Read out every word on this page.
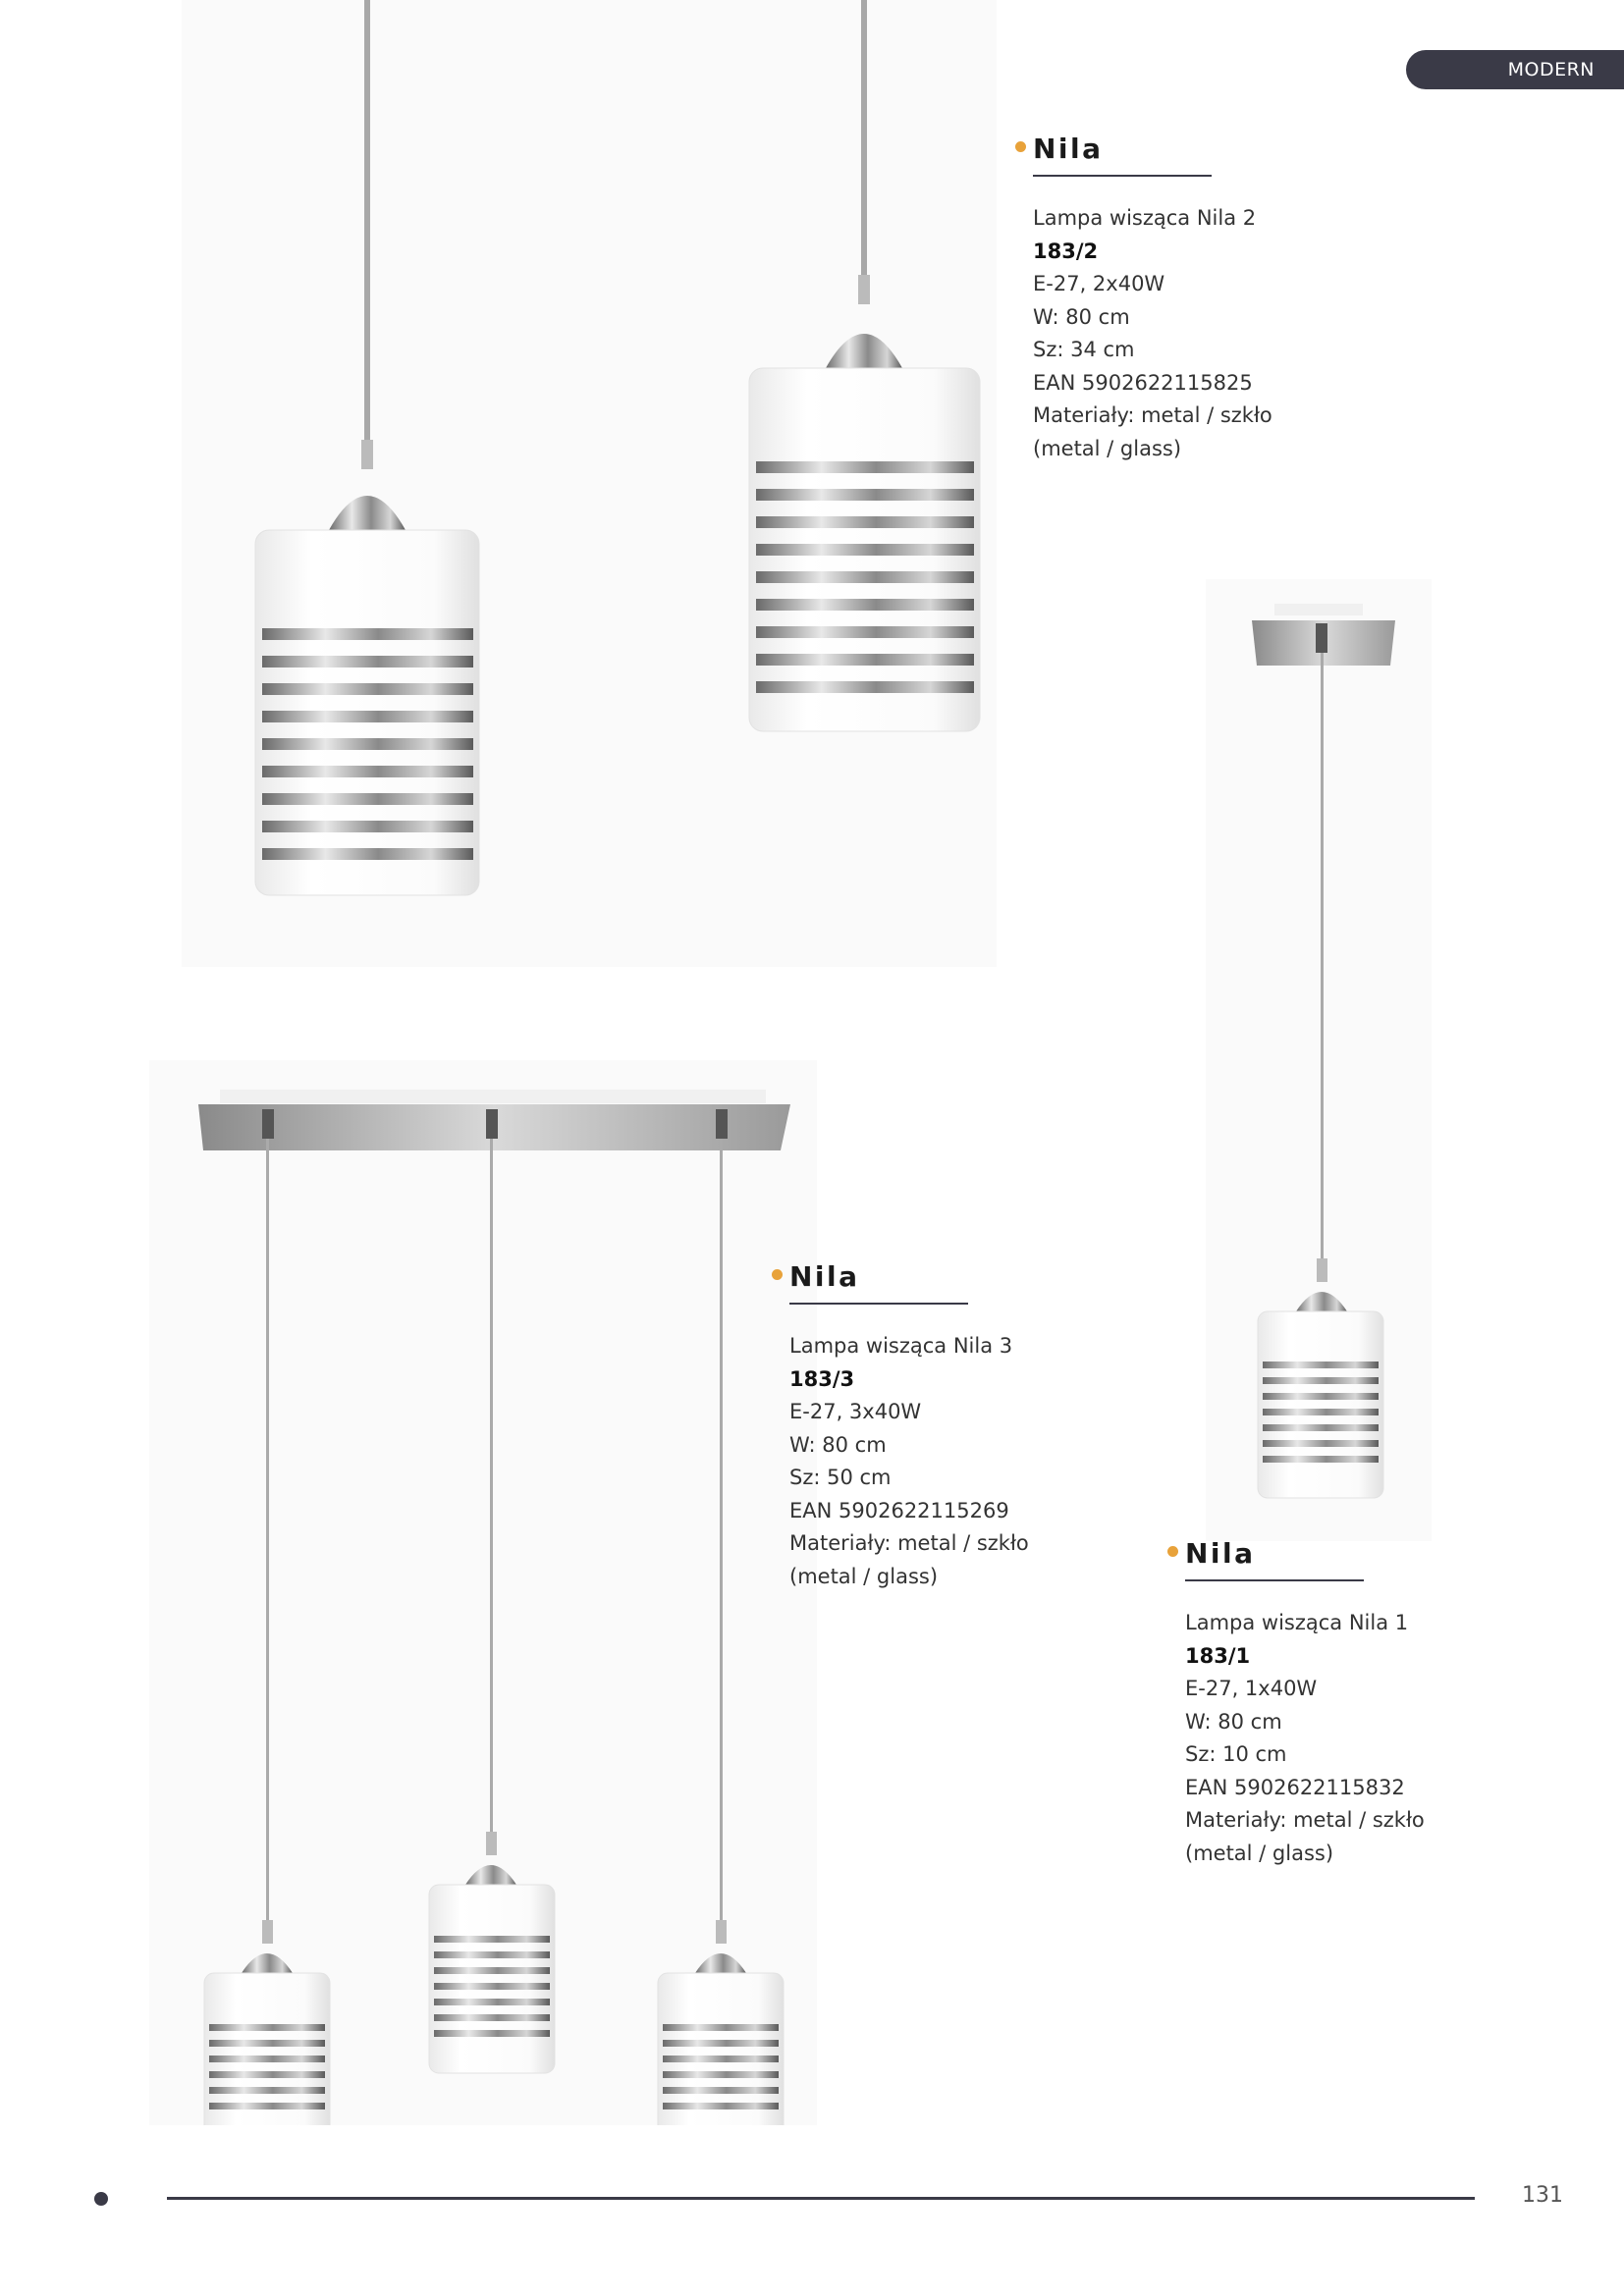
MODERN
Nila
Lampa wisząca Nila 2
183/2
E-27, 2x40W
W: 80 cm
Sz: 34 cm
EAN 5902622115825
Materiały: metal / szkło
(metal / glass)
Nila
Lampa wisząca Nila 3
183/3
E-27, 3x40W
W: 80 cm
Sz: 50 cm
EAN 5902622115269
Materiały: metal / szkło
(metal / glass)
Nila
Lampa wisząca Nila 1
183/1
E-27, 1x40W
W: 80 cm
Sz: 10 cm
EAN 5902622115832
Materiały: metal / szkło
(metal / glass)
131
